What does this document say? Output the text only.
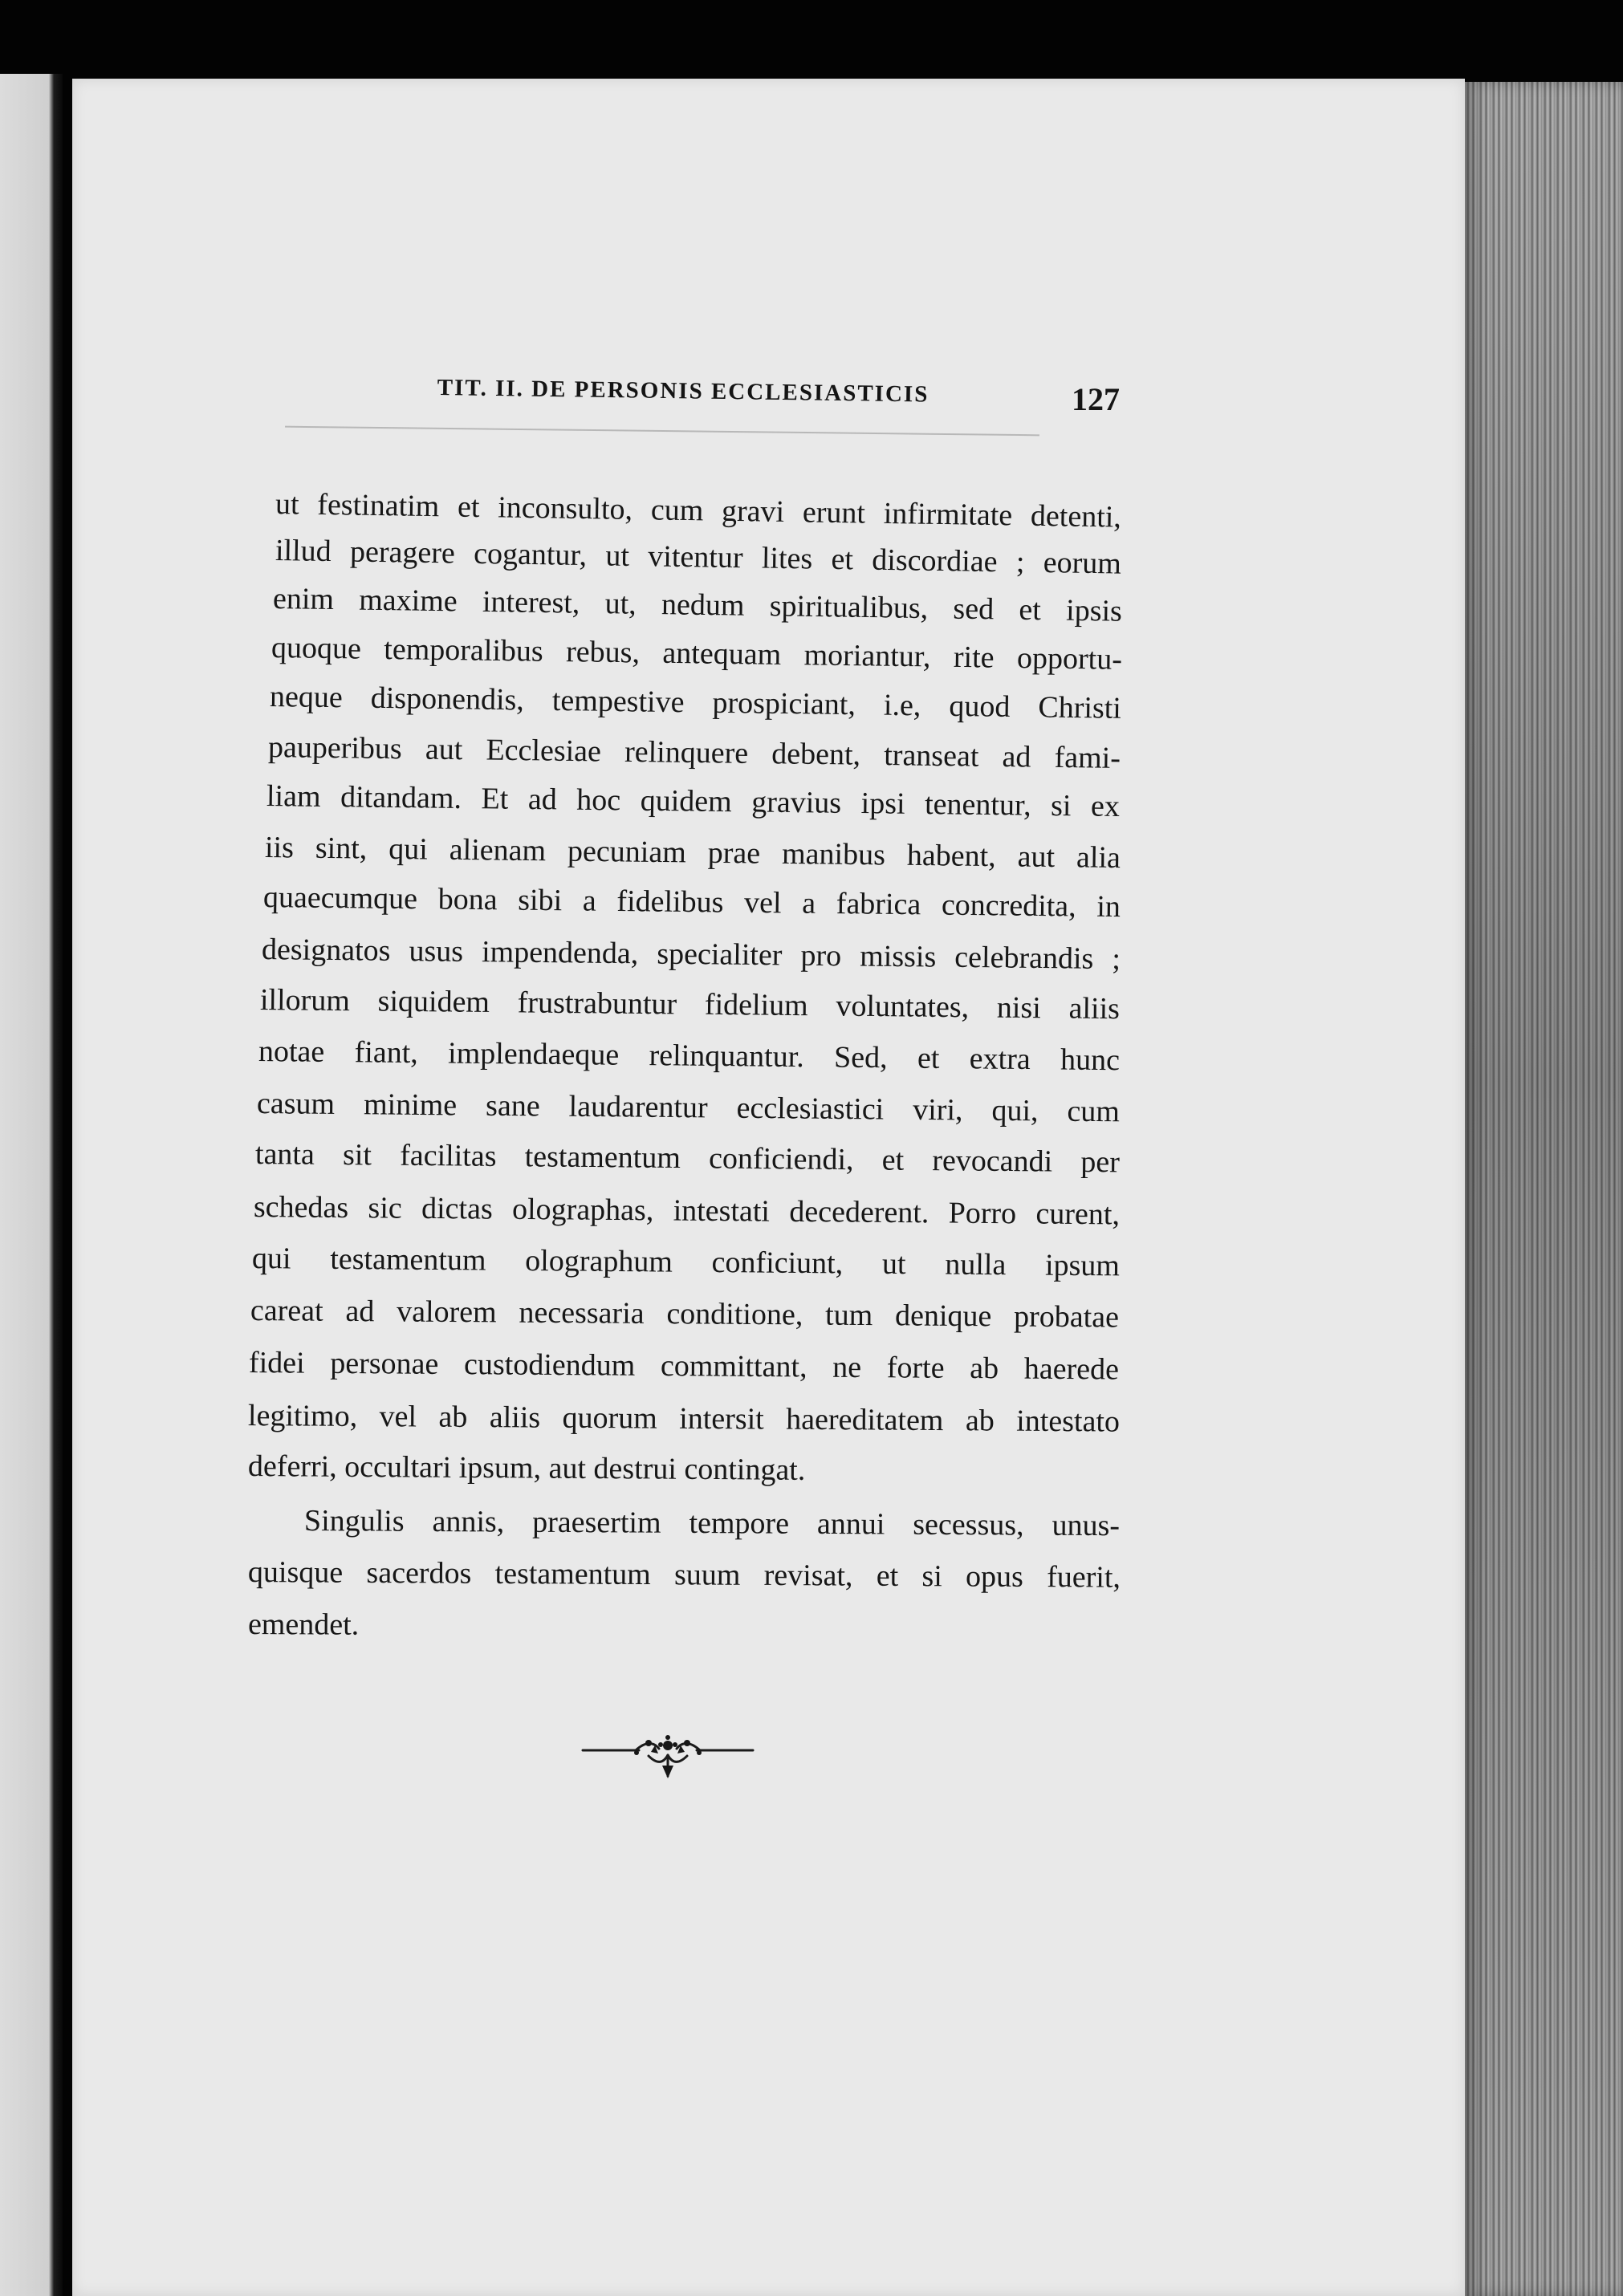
TIT. II. DE PERSONIS ECCLESIASTICIS	127
ut festinatim et inconsulto, cum gravi erunt infirmitate detenti,
illud peragere cogantur, ut vitentur lites et discordiae ; eorum
enim maxime interest, ut, nedum spiritualibus, sed et ipsis
quoque temporalibus rebus, antequam moriantur, rite opportu-
neque disponendis, tempestive prospiciant, i.e, quod Christi
pauperibus aut Ecclesiae relinquere debent, transeat ad fami-
liam ditandam. Et ad hoc quidem gravius ipsi tenentur, si ex
iis sint, qui alienam pecuniam prae manibus habent, aut alia
quaecumque bona sibi a fidelibus vel a fabrica concredita, in
designatos usus impendenda, specialiter pro missis celebrandis ;
illorum siquidem frustrabuntur fidelium voluntates, nisi aliis
notae fiant, implendaeque relinquantur. Sed, et extra hunc
casum minime sane laudarentur ecclesiastici viri, qui, cum
tanta sit facilitas testamentum conficiendi, et revocandi per
schedas sic dictas olographas, intestati decederent. Porro curent,
qui testamentum olographum conficiunt, ut nulla ipsum
careat ad valorem necessaria conditione, tum denique probatae
fidei personae custodiendum committant, ne forte ab haerede
legitimo, vel ab aliis quorum intersit haereditatem ab intestato
deferri, occultari ipsum, aut destrui contingat.
Singulis annis, praesertim tempore annui secessus, unus-
quisque sacerdos testamentum suum revisat, et si opus fuerit,
emendet.
